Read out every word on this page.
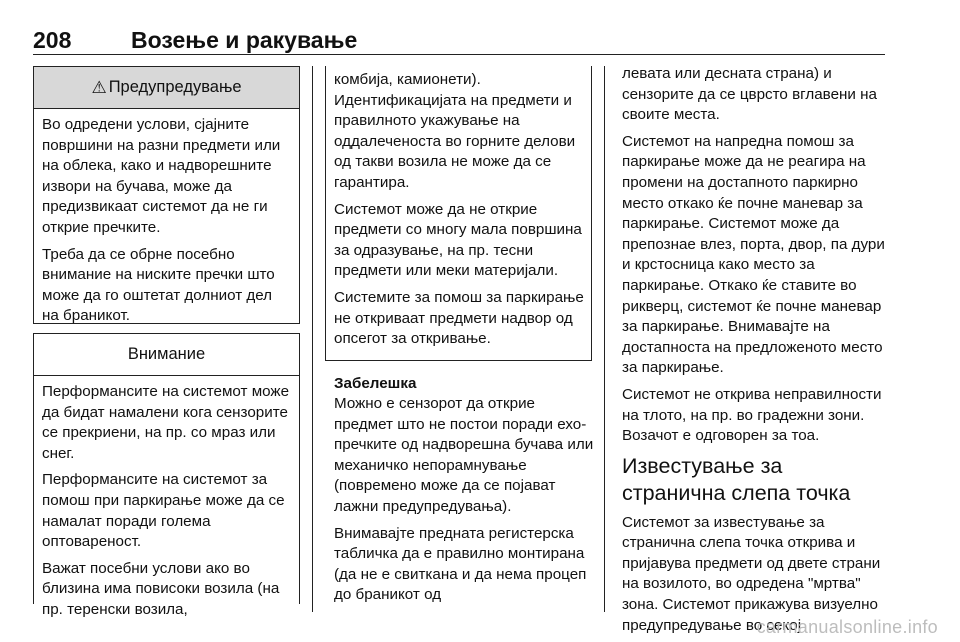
208	Возење и ракување
⚠ Предупредување

Во одредени услови, сјајните површини на разни предмети или на облека, како и надворешните извори на бучава, може да предизвикаат системот да не ги открие пречките.

Треба да се обрне посебно внимание на ниските пречки што може да го оштетат долниот дел на браникот.

Внимание

Перформансите на системот може да бидат намалени кога сензорите се прекриени, на пр. со мраз или снег.

Перформансите на системот за помош при паркирање може да се намалат поради голема оптовареност.

Важат посебни услови ако во близина има повисоки возила (на пр. теренски возила,

комбија, камионети). Идентификацијата на предмети и правилното укажување на оддалеченоста во горните делови од такви возила не може да се гарантира.

Системот може да не открие предмети со многу мала површина за одразување, на пр. тесни предмети или меки материјали.

Системите за помош за паркирање не откриваат предмети надвор од опсегот за откривање.

Забелешка

Можно е сензорот да открие предмет што не постои поради ехо-пречките од надворешна бучава или механичко непорамнување (повремено може да се појават лажни предупредувања).

Внимавајте предната регистерска табличка да е правилно монтирана (да не е свиткана и да нема процеп до браникот од

левата или десната страна) и сензорите да се цврсто вглавени на своите места.

Системот на напредна помош за паркирање може да не реагира на промени на достапното паркирно место откако ќе почне маневар за паркирање. Системот може да препознае влез, порта, двор, па дури и крстосница како место за паркирање. Откако ќе ставите во рикверц, системот ќе почне маневар за паркирање. Внимавајте на достапноста на предложеното место за паркирање.

Системот не открива неправилности на тлото, на пр. во градежни зони. Возачот е одговорен за тоа.

Известување за странична слепа точка

Системот за известување за странична слепа точка открива и пријавува предмети од двете страни на возилото, во одредена "мртва" зона. Системот прикажува визуелно предупредување во секој

carmanualsonline.info
